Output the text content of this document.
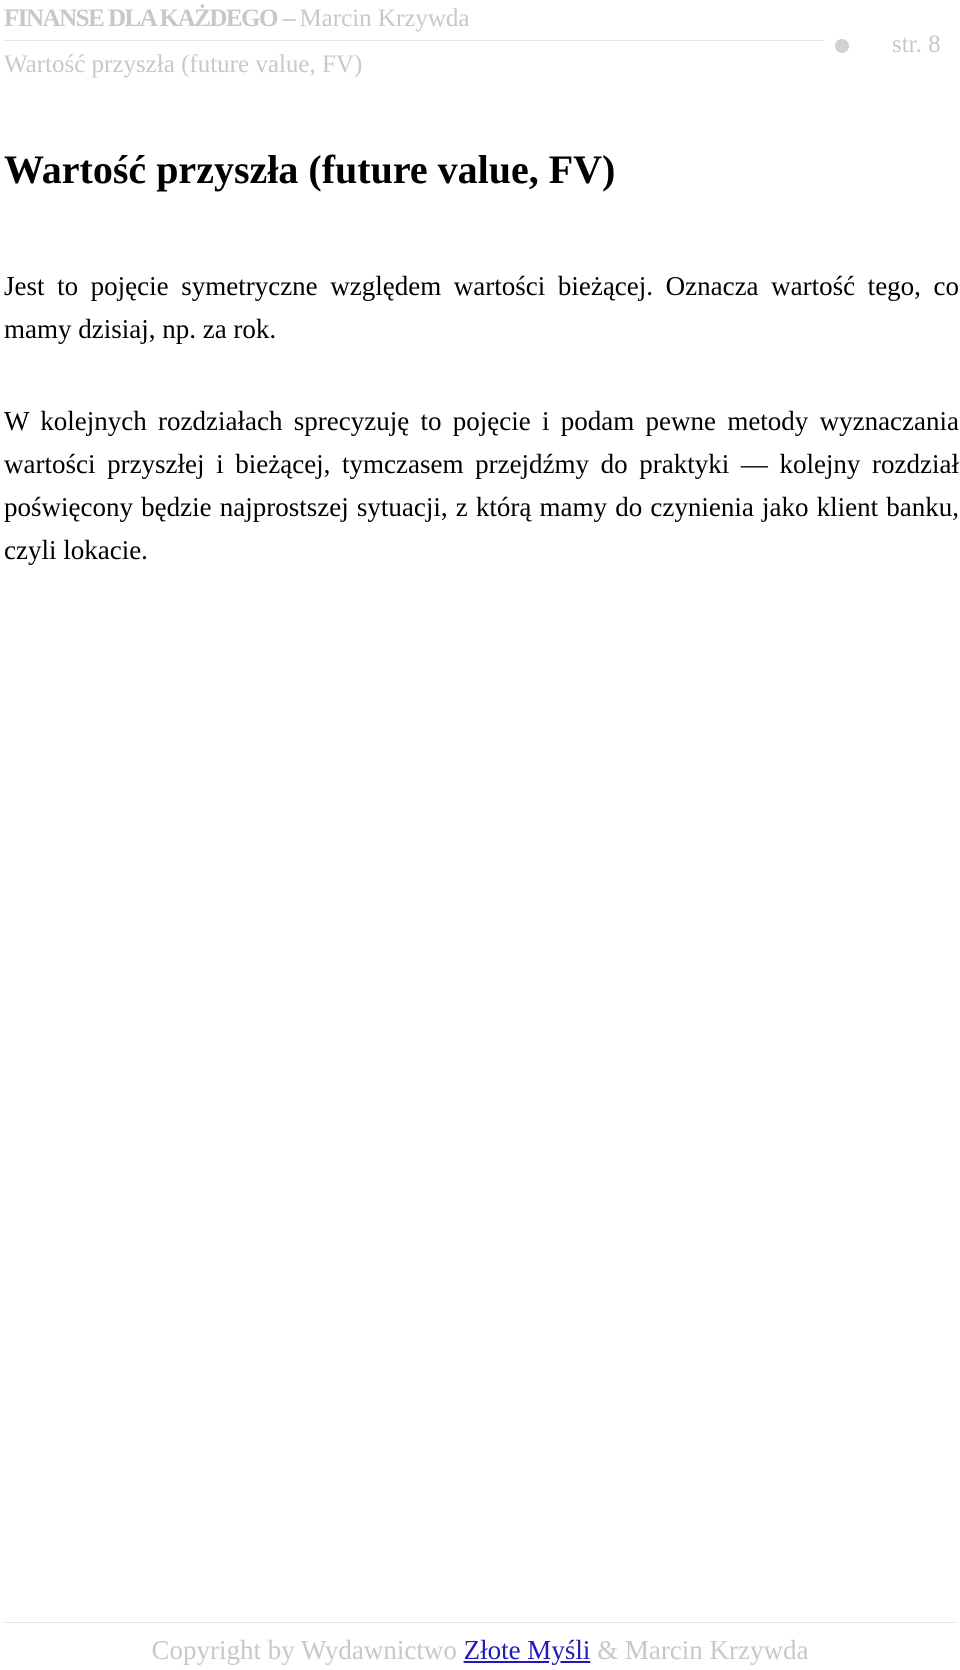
FINANSE DLA KAŻDEGO – Marcin Krzywda
Wartość przyszła (future value, FV)
str. 8
Wartość przyszła (future value, FV)

Jest to pojęcie symetryczne względem wartości bieżącej. Oznacza wartość tego, co mamy dzisiaj, np. za rok.

W kolejnych rozdziałach sprecyzuję to pojęcie i podam pewne metody wyznaczania wartości przyszłej i bieżącej, tymczasem przejdźmy do praktyki — kolejny rozdział poświęcony będzie najprostszej sytuacji, z którą mamy do czynienia jako klient banku, czyli lokacie.

Copyright by Wydawnictwo Złote Myśli & Marcin Krzywda
